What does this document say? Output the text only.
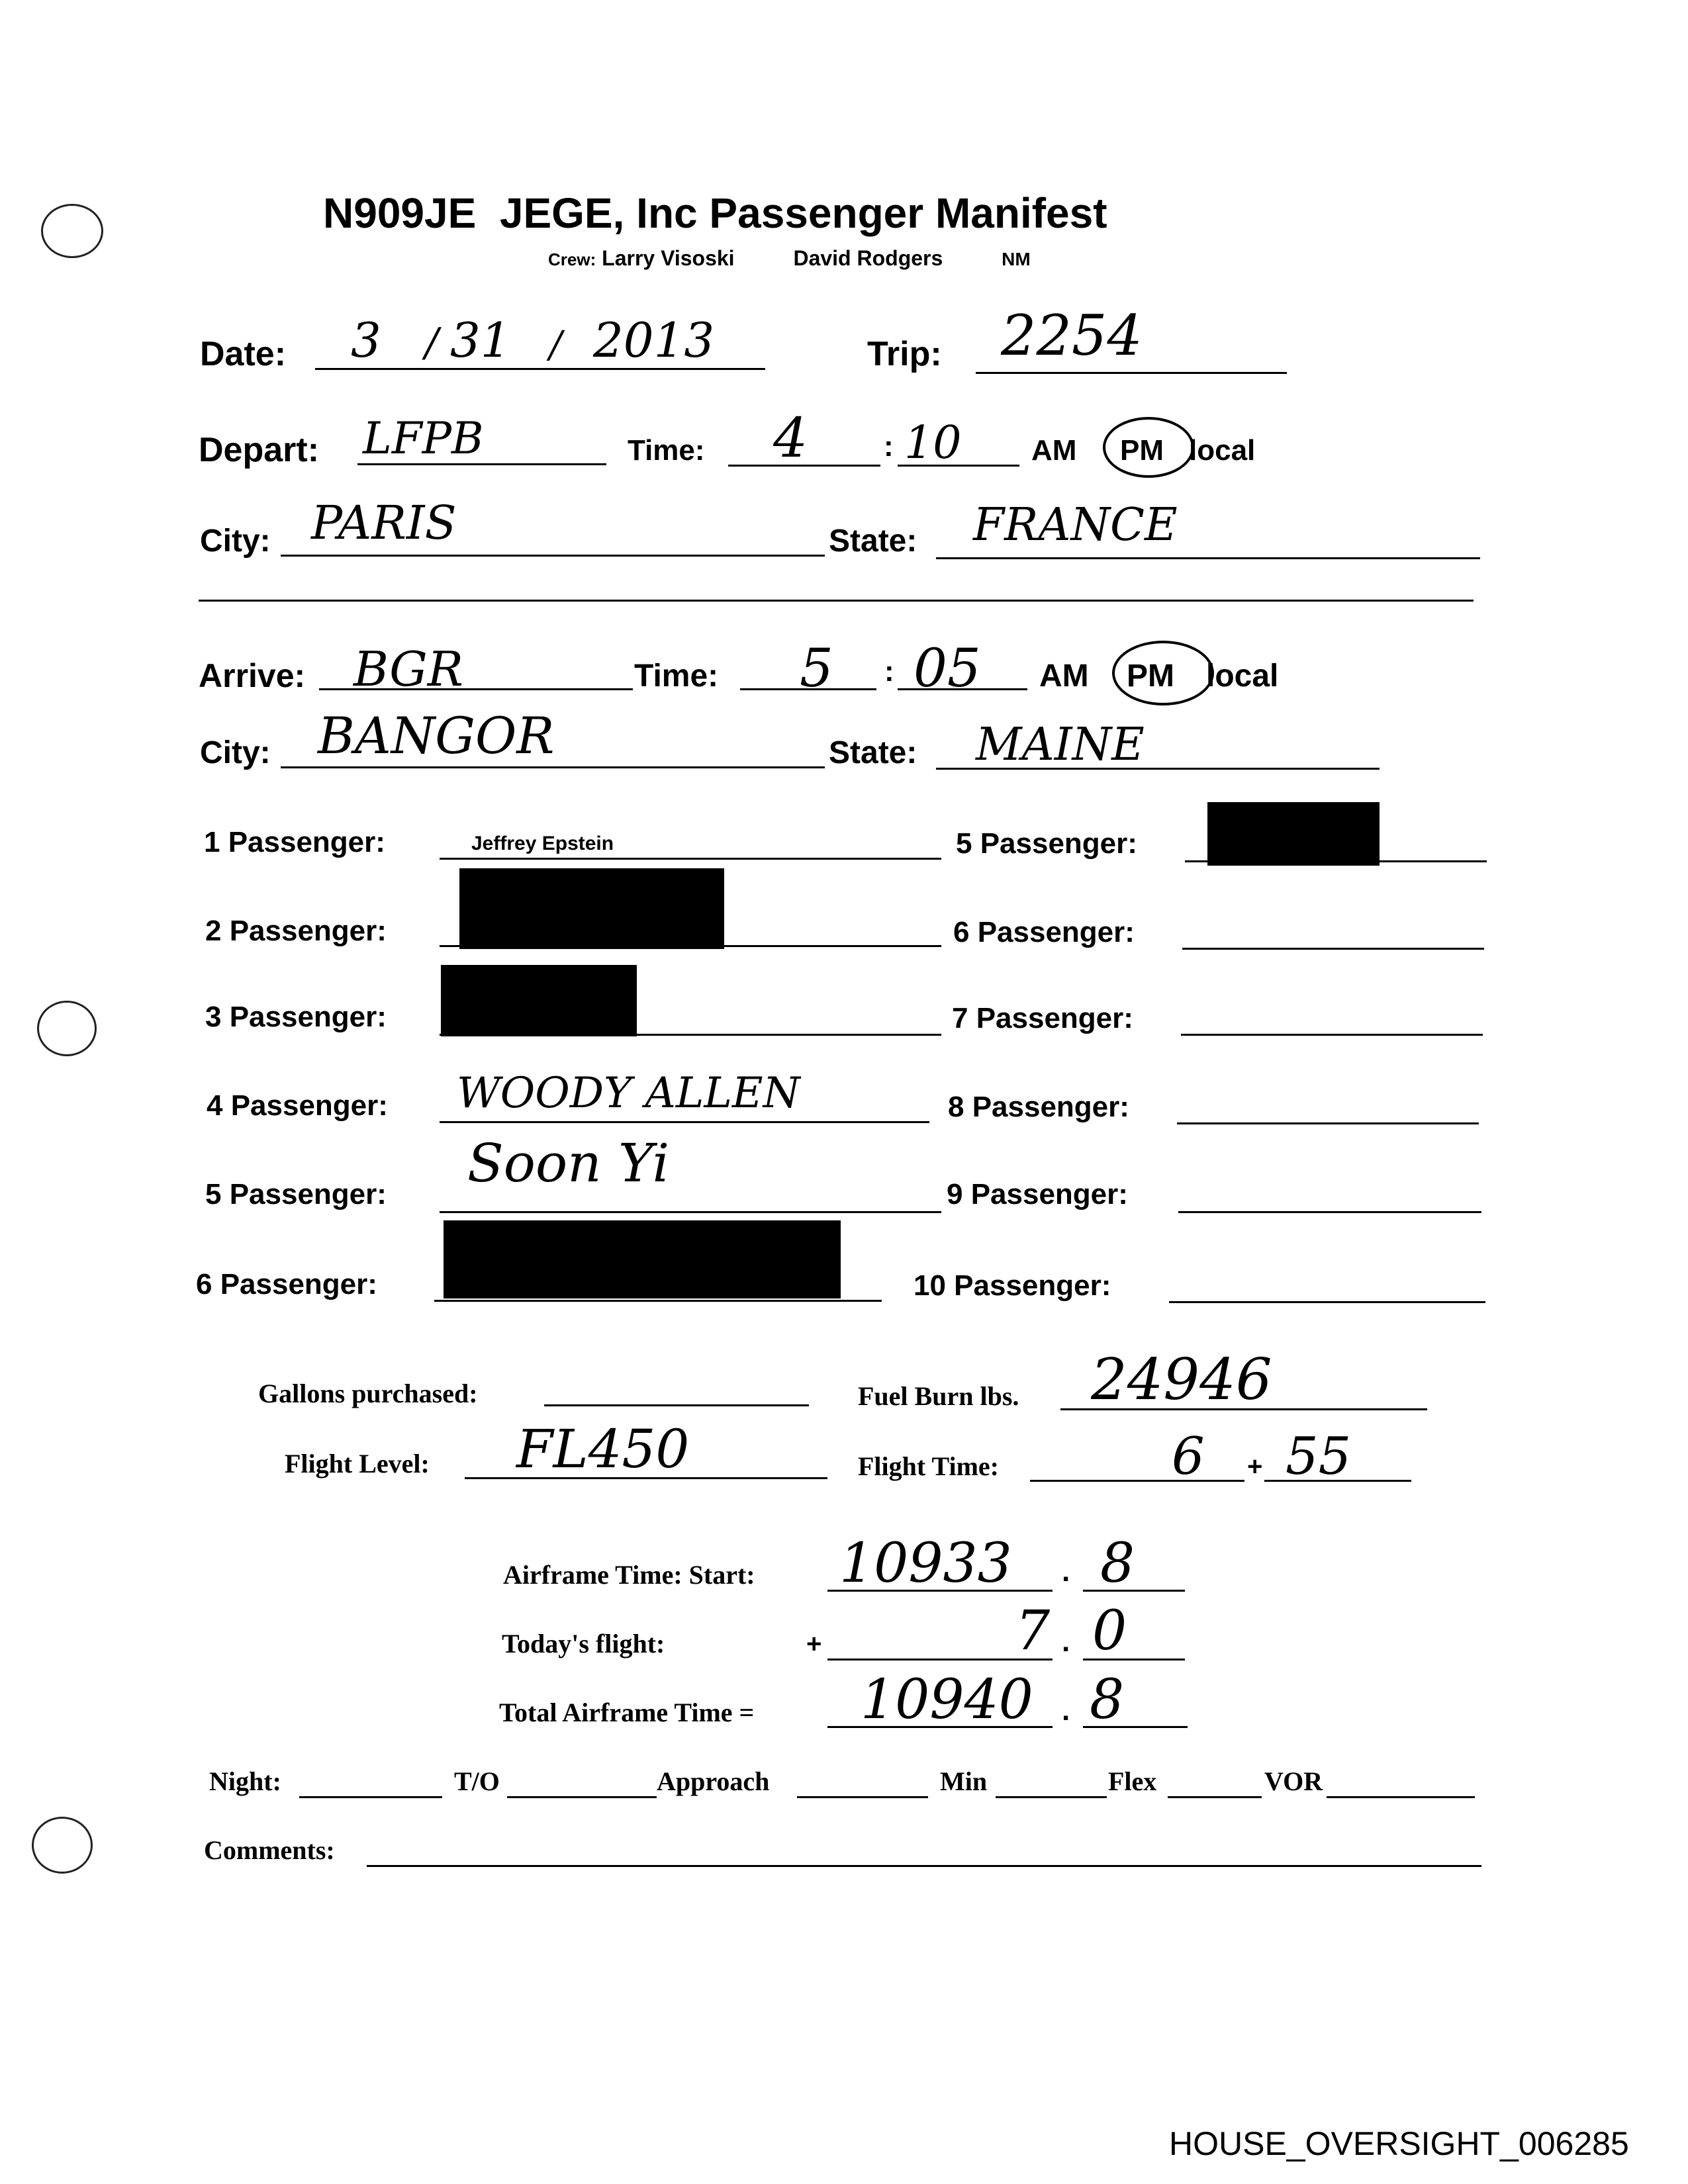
N909JE  JEGE, Inc Passenger Manifest
Crew: Larry Visoski	David Rodgers	NM
Date: 3 / 31 / 2013	Trip: 2254
Depart: LFPB	Time: 4	: 10 AM PM local
City: PARIS	State: FRANCE
Arrive: BGR	Time: 5 : 05 AM PM local
City: BANGOR	State: MAINE
1 Passenger:	Jeffrey Epstein
2 Passenger:
3 Passenger:
4 Passenger: WOODY ALLEN
5 Passenger:
Soon Yi
6 Passenger:
5 Passenger:
6 Passenger:
7 Passenger:
8 Passenger:
9 Passenger:
10 Passenger:
Gallons purchased:	Fuel Burn lbs. 24946
Flight Level: FL450	Flight Time:	6 + 55
Airframe Time: Start: 10933 . 8
Today's flight:	+	7 . 0
Total Airframe Time = 10940 . 8
Night:	T/O	Approach	Min	Flex	VOR
Comments:
HOUSE_OVERSIGHT_006285
